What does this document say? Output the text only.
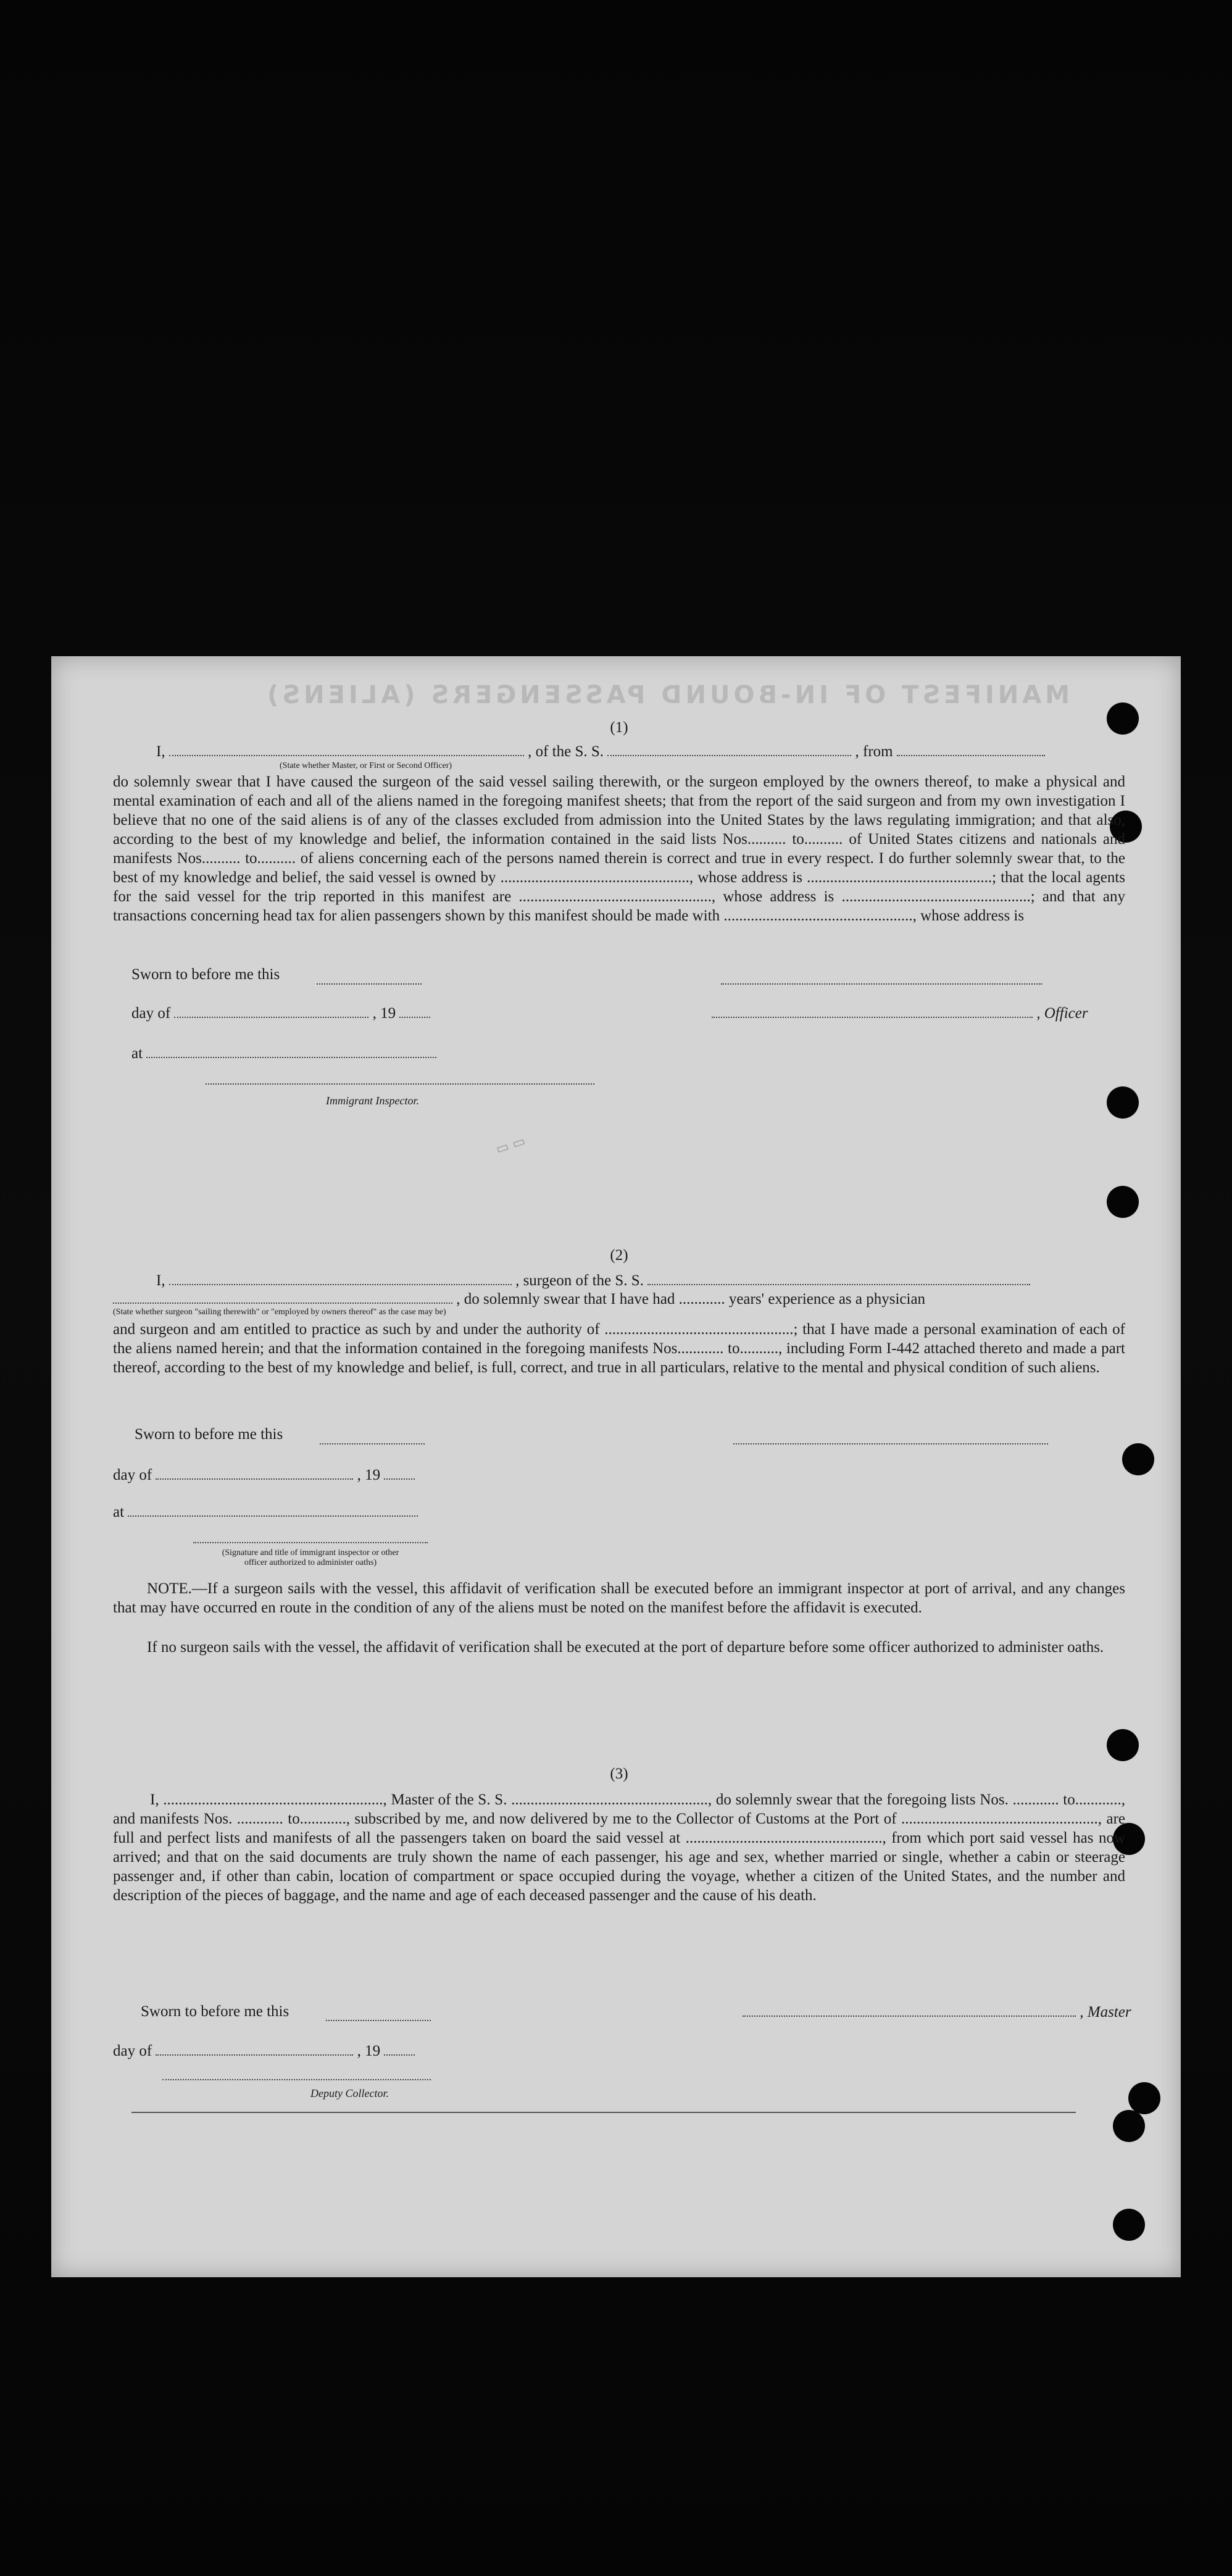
MANIFEST OF IN-BOUND PASSENGERS (ALIENS)
▭ ▭
(1)
I,	, of the S. S.	, from
(State whether Master, or First or Second Officer)

do solemnly swear that I have caused the surgeon of the said vessel sailing therewith, or the surgeon employed by the owners thereof, to make a physical and mental examination of each and all of the aliens named in the foregoing manifest sheets; that from the report of the said surgeon and from my own investigation I believe that no one of the said aliens is of any of the classes excluded from admission into the United States by the laws regulating immigration; and that also, according to the best of my knowledge and belief, the information contained in the said lists Nos.......... to.......... of United States citizens and nationals and manifests Nos.......... to.......... of aliens concerning each of the persons named therein is correct and true in every respect. I do further solemnly swear that, to the best of my knowledge and belief, the said vessel is owned by ................................................., whose address is ................................................; that the local agents for the said vessel for the trip reported in this manifest are .................................................., whose address is .................................................; and that any transactions concerning head tax for alien passengers shown by this manifest should be made with ................................................., whose address is

Sworn to before me this
day of	, 19	, Officer
at
Immigrant Inspector.
(2)
I,	, surgeon of the S. S.
, do solemnly swear that I have had ............ years' experience as a physician
(State whether surgeon "sailing therewith" or "employed by owners thereof" as the case may be)

and surgeon and am entitled to practice as such by and under the authority of .................................................; that I have made a personal examination of each of the aliens named herein; and that the information contained in the foregoing manifests Nos............ to.........., including Form I-442 attached thereto and made a part thereof, according to the best of my knowledge and belief, is full, correct, and true in all particulars, relative to the mental and physical condition of such aliens.

Sworn to before me this
day of	, 19
at
(Signature and title of immigrant inspector or other officer authorized to administer oaths)

NOTE.—If a surgeon sails with the vessel, this affidavit of verification shall be executed before an immigrant inspector at port of arrival, and any changes that may have occurred en route in the condition of any of the aliens must be noted on the manifest before the affidavit is executed.

If no surgeon sails with the vessel, the affidavit of verification shall be executed at the port of departure before some officer authorized to administer oaths.

(3)

I, ........................................................., Master of the S. S. ..................................................., do solemnly swear that the foregoing lists Nos. ............ to............, and manifests Nos. ............ to............, subscribed by me, and now delivered by me to the Collector of Customs at the Port of ..................................................., are full and perfect lists and manifests of all the passengers taken on board the said vessel at ..................................................., from which port said vessel has now arrived; and that on the said documents are truly shown the name of each passenger, his age and sex, whether married or single, whether a cabin or steerage passenger and, if other than cabin, location of compartment or space occupied during the voyage, whether a citizen of the United States, and the number and description of the pieces of baggage, and the name and age of each deceased passenger and the cause of his death.

Sworn to before me this	, Master
day of	, 19
Deputy Collector.
